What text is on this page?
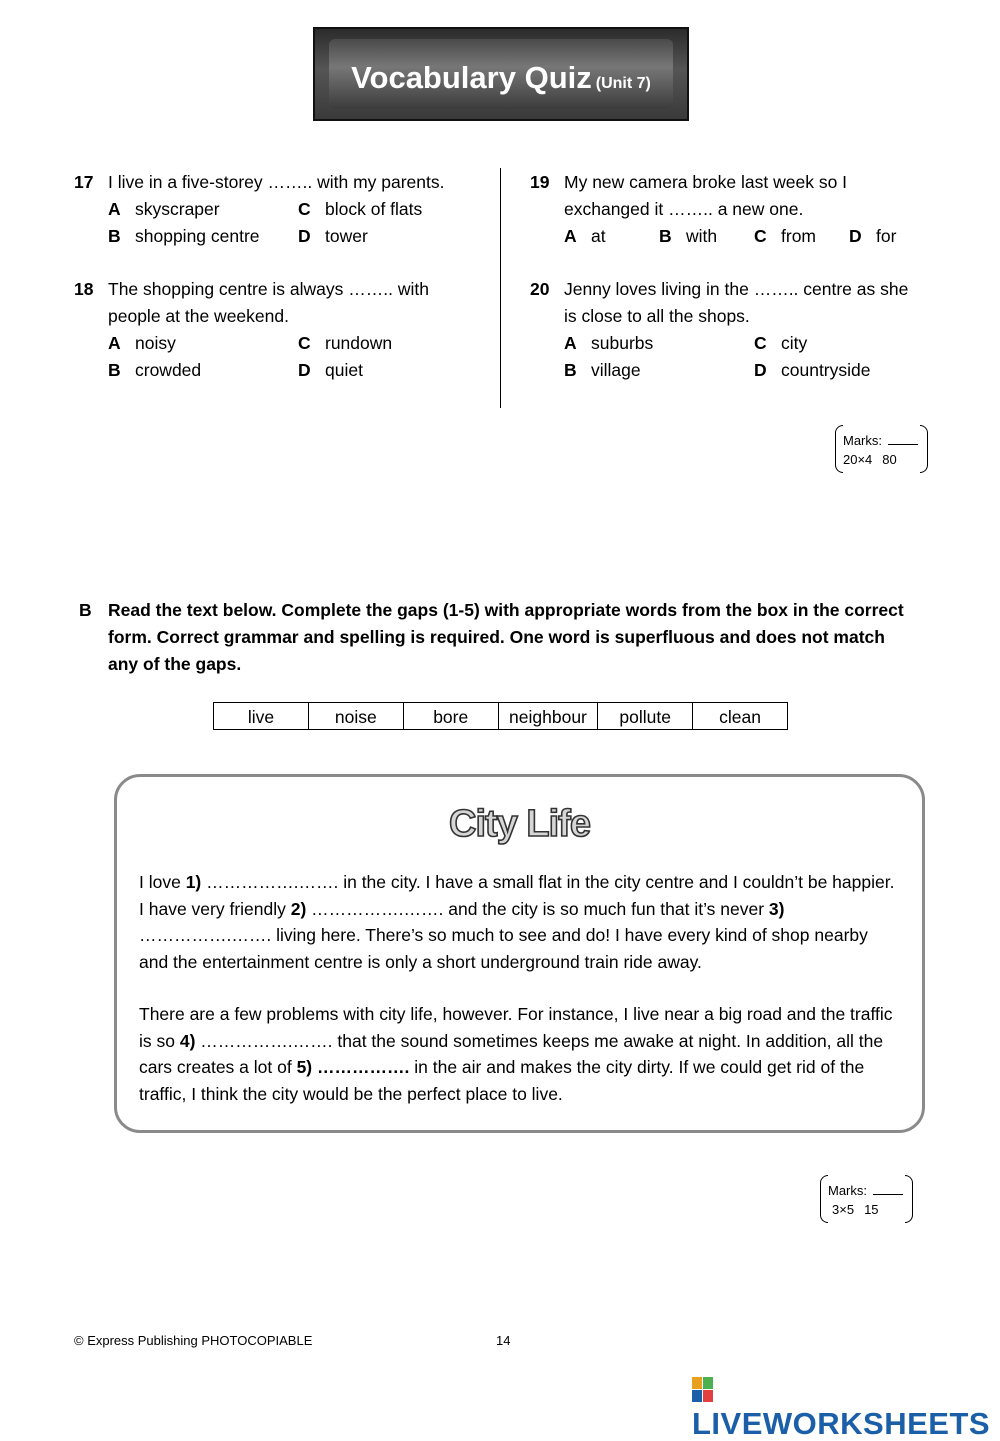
Vocabulary Quiz (Unit 7)
17 I live in a five-storey …….. with my parents.
A skyscraper	C block of flats
B shopping centre D tower
18 The shopping centre is always …….. with
people at the weekend.
A noisy	C rundown
B crowded	D quiet
19 My new camera broke last week so I
exchanged it …….. a new one.
A at	B with C from D for
20 Jenny loves living in the …….. centre as she
is close to all the shops.
A suburbs	C city
B village	D countryside
Marks:
20×4 80
B Read the text below. Complete the gaps (1-5) with appropriate words from the box in the correct form. Correct grammar and spelling is required. One word is superfluous and does not match any of the gaps.
live	noise	bore	neighbour	pollute	clean
City Life
I love 1) …………….……. in the city. I have a small flat in the city centre and I couldn’t be happier. I have very friendly 2) …………….……. and the city is so much fun that it’s never 3) …………….……. living here. There’s so much to see and do! I have every kind of shop nearby and the entertainment centre is only a short underground train ride away.
There are a few problems with city life, however. For instance, I live near a big road and the traffic is so 4) …………….……. that the sound sometimes keeps me awake at night. In addition, all the cars creates a lot of 5) ……………. in the air and makes the city dirty. If we could get rid of the traffic, I think the city would be the perfect place to live.
Marks:
3×5 15
© Express Publishing PHOTOCOPIABLE	14
LIVEWORKSHEETS
